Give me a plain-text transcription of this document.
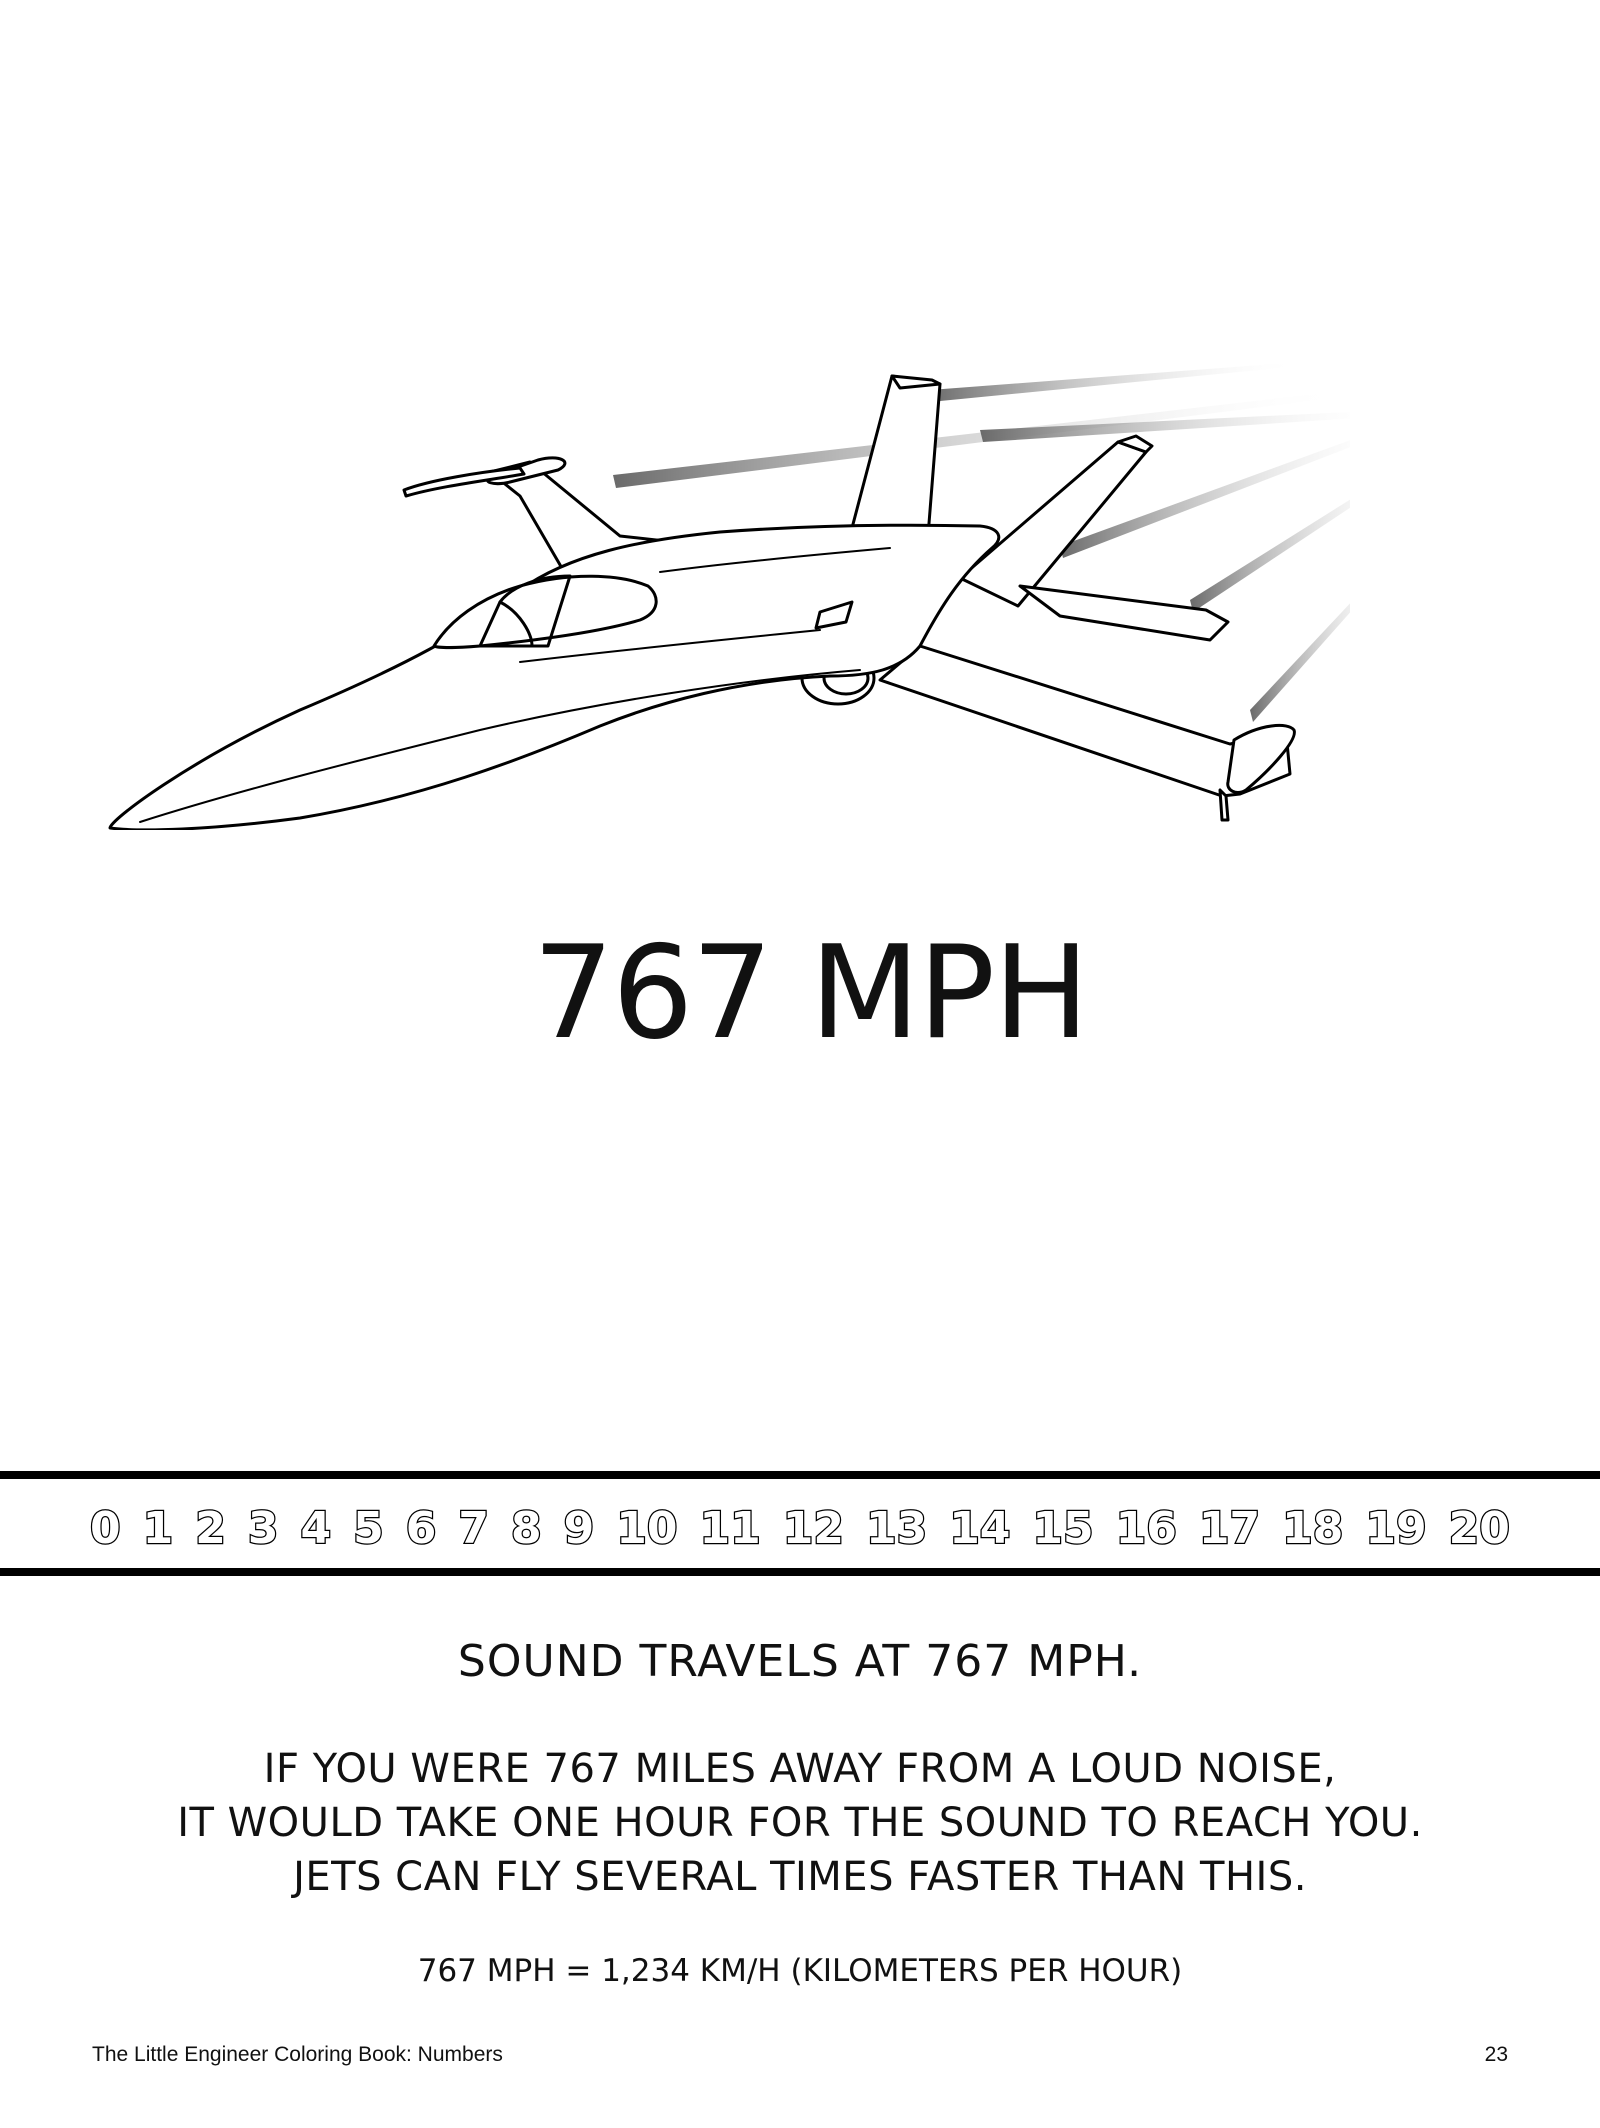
767 MPH
0 1 2 3 4 5 6 7 8 9 10 11 12 13 14 15 16 17 18 19 20
SOUND TRAVELS AT 767 MPH.
IF YOU WERE 767 MILES AWAY FROM A LOUD NOISE,
IT WOULD TAKE ONE HOUR FOR THE SOUND TO REACH YOU.
JETS CAN FLY SEVERAL TIMES FASTER THAN THIS.
767 MPH = 1,234 KM/H (KILOMETERS PER HOUR)
The Little Engineer Coloring Book: Numbers	23
